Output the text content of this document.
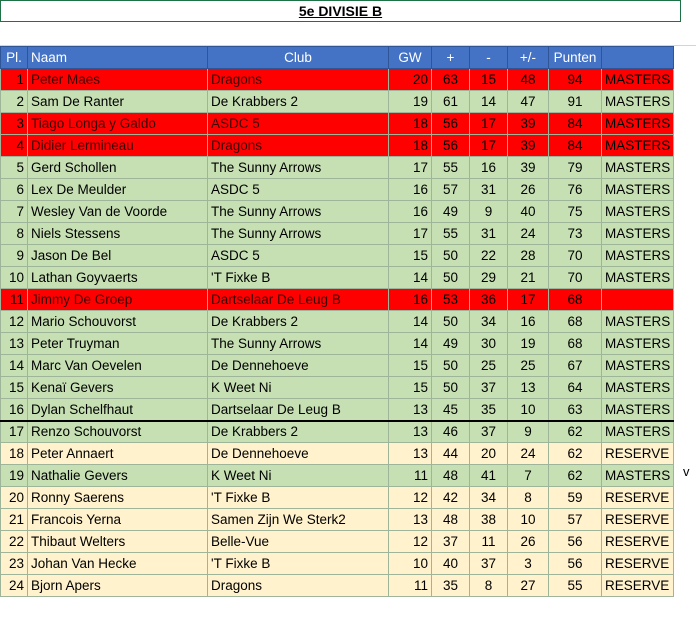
5e DIVISIE B
Pl.	Naam	Club	GW	+	-	+/-	Punten	
1	Peter Maes	Dragons	20	63	15	48	94	MASTERS
2	Sam De Ranter	De Krabbers 2	19	61	14	47	91	MASTERS
3	Tiago Longa y Galdo	ASDC 5	18	56	17	39	84	MASTERS
4	Didier Lermineau	Dragons	18	56	17	39	84	MASTERS
5	Gerd Schollen	The Sunny Arrows	17	55	16	39	79	MASTERS
6	Lex De Meulder	ASDC 5	16	57	31	26	76	MASTERS
7	Wesley Van de Voorde	The Sunny Arrows	16	49	9	40	75	MASTERS
8	Niels Stessens	The Sunny Arrows	17	55	31	24	73	MASTERS
9	Jason De Bel	ASDC 5	15	50	22	28	70	MASTERS
10	Lathan Goyvaerts	'T Fixke B	14	50	29	21	70	MASTERS
11	Jimmy De Groep	Dartselaar De Leug B	16	53	36	17	68	
12	Mario Schouvorst	De Krabbers 2	14	50	34	16	68	MASTERS
13	Peter Truyman	The Sunny Arrows	14	49	30	19	68	MASTERS
14	Marc Van Oevelen	De Dennehoeve	15	50	25	25	67	MASTERS
15	Kenaï Gevers	K Weet Ni	15	50	37	13	64	MASTERS
16	Dylan Schelfhaut	Dartselaar De Leug B	13	45	35	10	63	MASTERS
17	Renzo Schouvorst	De Krabbers 2	13	46	37	9	62	MASTERS
18	Peter Annaert	De Dennehoeve	13	44	20	24	62	RESERVE
19	Nathalie Gevers	K Weet Ni	11	48	41	7	62	MASTERS
20	Ronny Saerens	'T Fixke B	12	42	34	8	59	RESERVE
21	Francois Yerna	Samen Zijn We Sterk2	13	48	38	10	57	RESERVE
22	Thibaut Welters	Belle-Vue	12	37	11	26	56	RESERVE
23	Johan Van Hecke	'T Fixke B	10	40	37	3	56	RESERVE
24	Bjorn Apers	Dragons	11	35	8	27	55	RESERVE
v
